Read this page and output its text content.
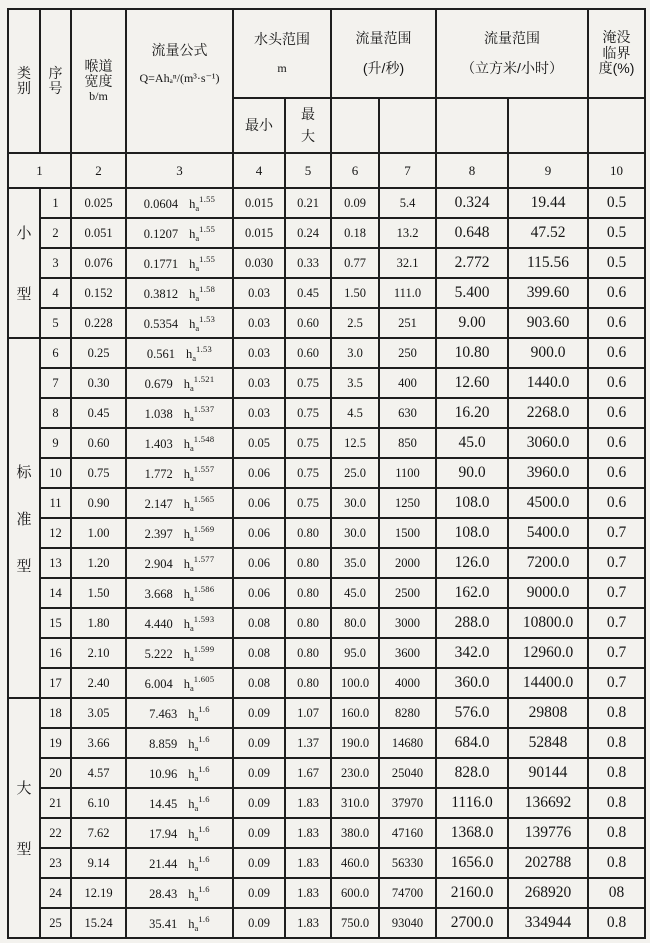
类
别

序
号

喉道
宽度
b/m

流量公式
Q=Ahₐⁿ/(m³·s⁻¹)

水头范围
m

流量范围
(升/秒)

流量范围
（立方米/小时）

淹没
临界
度(%)

				最小	最
大					

1		2	3	4	5	6	7	8	9	10

小
型
	1	0.025	0.0604 $h_a^{1.55}$	0.015	0.21	0.09	5.4	0.324	19.44	0.5
	2	0.051	0.1207 $h_a^{1.55}$	0.015	0.24	0.18	13.2	0.648	47.52	0.5
	3	0.076	0.1771 $h_a^{1.55}$	0.030	0.33	0.77	32.1	2.772	115.56	0.5
	4	0.152	0.3812 $h_a^{1.58}$	0.03	0.45	1.50	111.0	5.400	399.60	0.6
	5	0.228	0.5354 $h_a^{1.53}$	0.03	0.60	2.5	251	9.00	903.60	0.6

标
准
型
	6	0.25	0.561 $h_a^{1.53}$	0.03	0.60	3.0	250	10.80	900.0	0.6
	7	0.30	0.679 $h_a^{1.521}$	0.03	0.75	3.5	400	12.60	1440.0	0.6
	8	0.45	1.038 $h_a^{1.537}$	0.03	0.75	4.5	630	16.20	2268.0	0.6
	9	0.60	1.403 $h_a^{1.548}$	0.05	0.75	12.5	850	45.0	3060.0	0.6
	10	0.75	1.772 $h_a^{1.557}$	0.06	0.75	25.0	1100	90.0	3960.0	0.6
	11	0.90	2.147 $h_a^{1.565}$	0.06	0.75	30.0	1250	108.0	4500.0	0.6
	12	1.00	2.397 $h_a^{1.569}$	0.06	0.80	30.0	1500	108.0	5400.0	0.7
	13	1.20	2.904 $h_a^{1.577}$	0.06	0.80	35.0	2000	126.0	7200.0	0.7
	14	1.50	3.668 $h_a^{1.586}$	0.06	0.80	45.0	2500	162.0	9000.0	0.7
	15	1.80	4.440 $h_a^{1.593}$	0.08	0.80	80.0	3000	288.0	10800.0	0.7
	16	2.10	5.222 $h_a^{1.599}$	0.08	0.80	95.0	3600	342.0	12960.0	0.7
	17	2.40	6.004 $h_a^{1.605}$	0.08	0.80	100.0	4000	360.0	14400.0	0.7

大
型
	18	3.05	7.463 $h_a^{1.6}$	0.09	1.07	160.0	8280	576.0	29808	0.8
	19	3.66	8.859 $h_a^{1.6}$	0.09	1.37	190.0	14680	684.0	52848	0.8
	20	4.57	10.96 $h_a^{1.6}$	0.09	1.67	230.0	25040	828.0	90144	0.8
	21	6.10	14.45 $h_a^{1.6}$	0.09	1.83	310.0	37970	1116.0	136692	0.8
	22	7.62	17.94 $h_a^{1.6}$	0.09	1.83	380.0	47160	1368.0	139776	0.8
	23	9.14	21.44 $h_a^{1.6}$	0.09	1.83	460.0	56330	1656.0	202788	0.8
	24	12.19	28.43 $h_a^{1.6}$	0.09	1.83	600.0	74700	2160.0	268920	08
	25	15.24	35.41 $h_a^{1.6}$	0.09	1.83	750.0	93040	2700.0	334944	0.8
